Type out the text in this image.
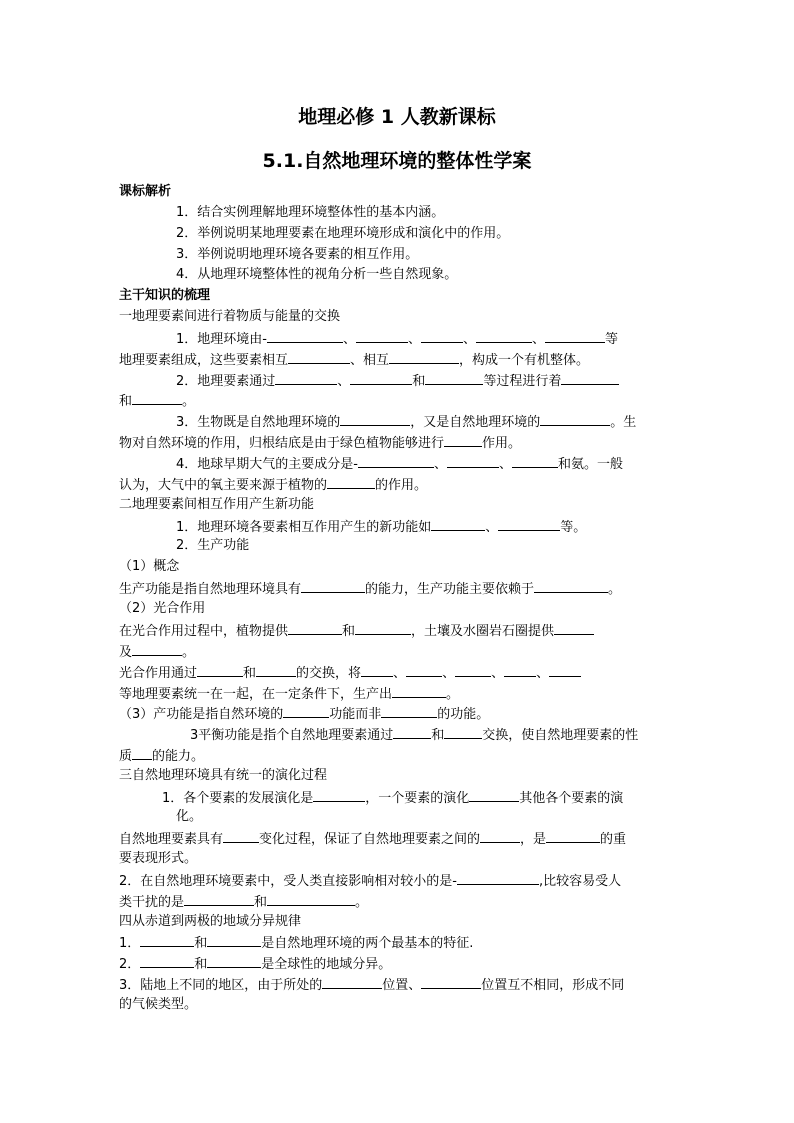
地理必修 1 人教新课标
5.1.自然地理环境的整体性学案
课标解析
1．结合实例理解地理环境整体性的基本内涵。
2．举例说明某地理要素在地理环境形成和演化中的作用。
3．举例说明地理环境各要素的相互作用。
4．从地理环境整体性的视角分析一些自然现象。
主干知识的梳理
一地理要素间进行着物质与能量的交换
1．地理环境由-	、	、	、	、	等
地理要素组成，这些要素相互	、相互	，构成一个有机整体。
2．地理要素通过	、	和	等过程进行着
和	。
3．生物既是自然地理环境的	，又是自然地理环境的	。生
物对自然环境的作用，归根结底是由于绿色植物能够进行	作用。
4．地球早期大气的主要成分是-	、	、	和氨。一般
认为，大气中的氧主要来源于植物的	的作用。
二地理要素间相互作用产生新功能
1．地理环境各要素相互作用产生的新功能如	、	等。
2．生产功能
（1）概念
生产功能是指自然地理环境具有	的能力，生产功能主要依赖于	。
（2）光合作用
在光合作用过程中，植物提供	和	，土壤及水圈岩石圈提供
及	。
光合作用通过	和	的交换，将 、	、	、 、
等地理要素统一在一起，在一定条件下，生产出	。
（3）产功能是指自然环境的	功能而非	的功能。
3平衡功能是指个自然地理要素通过	和	交换，使自然地理要素的性
质 的能力。
三自然地理环境具有统一的演化过程
1．各个要素的发展演化是	，一个要素的演化	其他各个要素的演
化。
自然地理要素具有	变化过程，保证了自然地理要素之间的	，是	的重
要表现形式。
2．在自然地理环境要素中，受人类直接影响相对较小的是-	,比较容易受人
类干扰的是	和	。
四从赤道到两极的地域分异规律
1．	和	是自然地理环境的两个最基本的特征.
2．	和	是全球性的地域分异。
3．陆地上不同的地区，由于所处的	位置、	位置互不相同，形成不同
的气候类型。
